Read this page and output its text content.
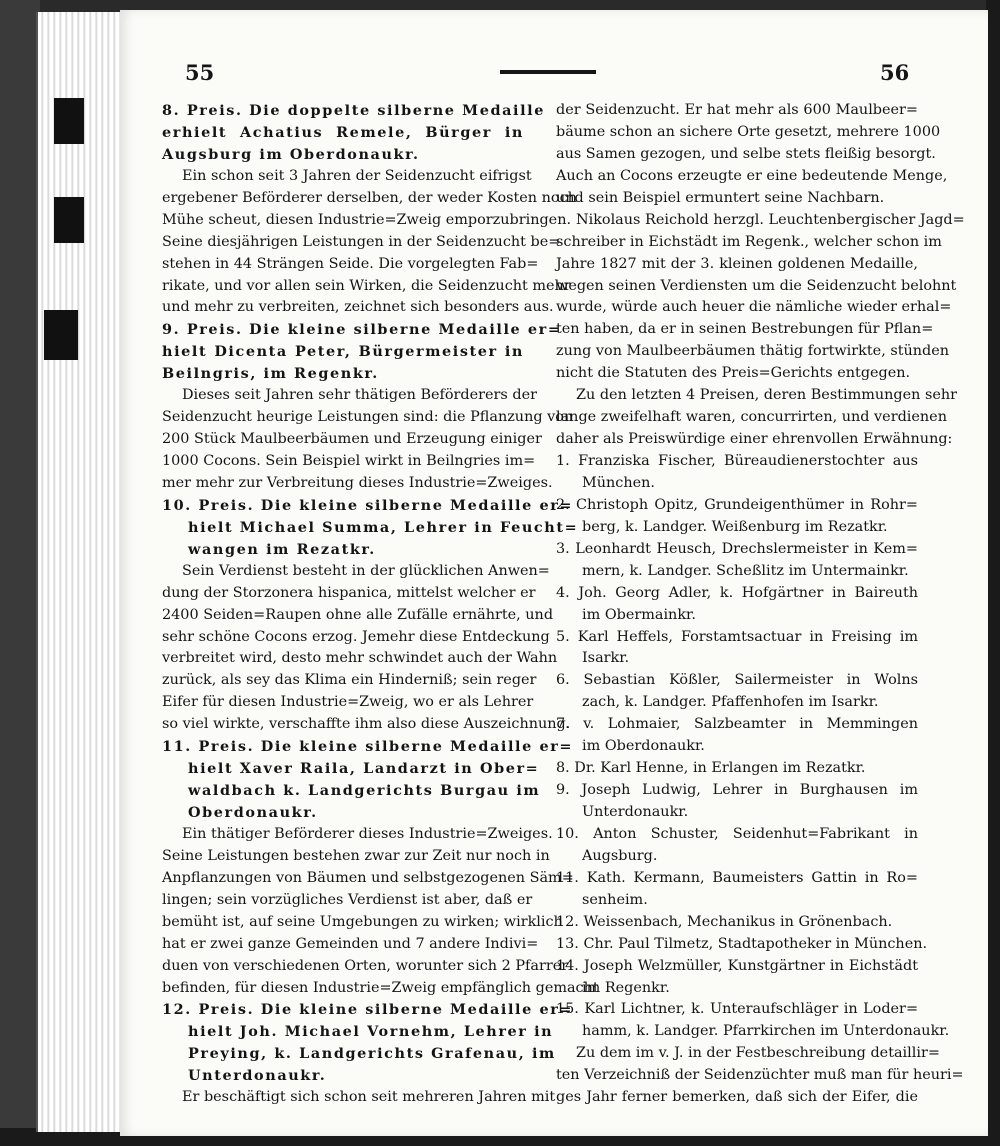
55	56
8. Preis. Die doppelte silberne Medaille
erhielt Achatius Remele, Bürger in
Augsburg im Oberdonaukr.
Ein schon seit 3 Jahren der Seidenzucht eifrigst
ergebener Beförderer derselben, der weder Kosten noch
Mühe scheut, diesen Industrie=Zweig emporzubringen.
Seine diesjährigen Leistungen in der Seidenzucht be=
stehen in 44 Strängen Seide. Die vorgelegten Fab=
rikate, und vor allen sein Wirken, die Seidenzucht mehr
und mehr zu verbreiten, zeichnet sich besonders aus.
9. Preis. Die kleine silberne Medaille er=
hielt Dicenta Peter, Bürgermeister in
Beilngris, im Regenkr.
Dieses seit Jahren sehr thätigen Beförderers der
Seidenzucht heurige Leistungen sind: die Pflanzung von
200 Stück Maulbeerbäumen und Erzeugung einiger
1000 Cocons. Sein Beispiel wirkt in Beilngries im=
mer mehr zur Verbreitung dieses Industrie=Zweiges.
10. Preis. Die kleine silberne Medaille er=
hielt Michael Summa, Lehrer in Feucht=
wangen im Rezatkr.
Sein Verdienst besteht in der glücklichen Anwen=
dung der Storzonera hispanica, mittelst welcher er
2400 Seiden=Raupen ohne alle Zufälle ernährte, und
sehr schöne Cocons erzog. Jemehr diese Entdeckung
verbreitet wird, desto mehr schwindet auch der Wahn
zurück, als sey das Klima ein Hinderniß; sein reger
Eifer für diesen Industrie=Zweig, wo er als Lehrer
so viel wirkte, verschaffte ihm also diese Auszeichnung.
11. Preis. Die kleine silberne Medaille er=
hielt Xaver Raila, Landarzt in Ober=
waldbach k. Landgerichts Burgau im
Oberdonaukr.
Ein thätiger Beförderer dieses Industrie=Zweiges.
Seine Leistungen bestehen zwar zur Zeit nur noch in
Anpflanzungen von Bäumen und selbstgezogenen Säm=
lingen; sein vorzügliches Verdienst ist aber, daß er
bemüht ist, auf seine Umgebungen zu wirken; wirklich
hat er zwei ganze Gemeinden und 7 andere Indivi=
duen von verschiedenen Orten, worunter sich 2 Pfarrer
befinden, für diesen Industrie=Zweig empfänglich gemacht
12. Preis. Die kleine silberne Medaille er=
hielt Joh. Michael Vornehm, Lehrer in
Preying, k. Landgerichts Grafenau, im
Unterdonaukr.
Er beschäftigt sich schon seit mehreren Jahren mit
der Seidenzucht. Er hat mehr als 600 Maulbeer=
bäume schon an sichere Orte gesetzt, mehrere 1000
aus Samen gezogen, und selbe stets fleißig besorgt.
Auch an Cocons erzeugte er eine bedeutende Menge,
und sein Beispiel ermuntert seine Nachbarn.
Nikolaus Reichold herzgl. Leuchtenbergischer Jagd=
schreiber in Eichstädt im Regenk., welcher schon im
Jahre 1827 mit der 3. kleinen goldenen Medaille,
wegen seinen Verdiensten um die Seidenzucht belohnt
wurde, würde auch heuer die nämliche wieder erhal=
ten haben, da er in seinen Bestrebungen für Pflan=
zung von Maulbeerbäumen thätig fortwirkte, stünden
nicht die Statuten des Preis=Gerichts entgegen.
Zu den letzten 4 Preisen, deren Bestimmungen sehr
lange zweifelhaft waren, concurrirten, und verdienen
daher als Preiswürdige einer ehrenvollen Erwähnung:
1. Franziska Fischer, Büreaudienerstochter aus
München.
2. Christoph Opitz, Grundeigenthümer in Rohr=
berg, k. Landger. Weißenburg im Rezatkr.
3. Leonhardt Heusch, Drechslermeister in Kem=
mern, k. Landger. Scheßlitz im Untermainkr.
4. Joh. Georg Adler, k. Hofgärtner in Baireuth
im Obermainkr.
5. Karl Heffels, Forstamtsactuar in Freising im
Isarkr.
6. Sebastian Kößler, Sailermeister in Wolns
zach, k. Landger. Pfaffenhofen im Isarkr.
7. v. Lohmaier, Salzbeamter in Memmingen
im Oberdonaukr.
8. Dr. Karl Henne, in Erlangen im Rezatkr.
9. Joseph Ludwig, Lehrer in Burghausen im
Unterdonaukr.
10. Anton Schuster, Seidenhut=Fabrikant in
Augsburg.
11. Kath. Kermann, Baumeisters Gattin in Ro=
senheim.
12. Weissenbach, Mechanikus in Grönenbach.
13. Chr. Paul Tilmetz, Stadtapotheker in München.
14. Joseph Welzmüller, Kunstgärtner in Eichstädt
im Regenkr.
15. Karl Lichtner, k. Unteraufschläger in Loder=
hamm, k. Landger. Pfarrkirchen im Unterdonaukr.
Zu dem im v. J. in der Festbeschreibung detaillir=
ten Verzeichniß der Seidenzüchter muß man für heuri=
ges Jahr ferner bemerken, daß sich der Eifer, die
